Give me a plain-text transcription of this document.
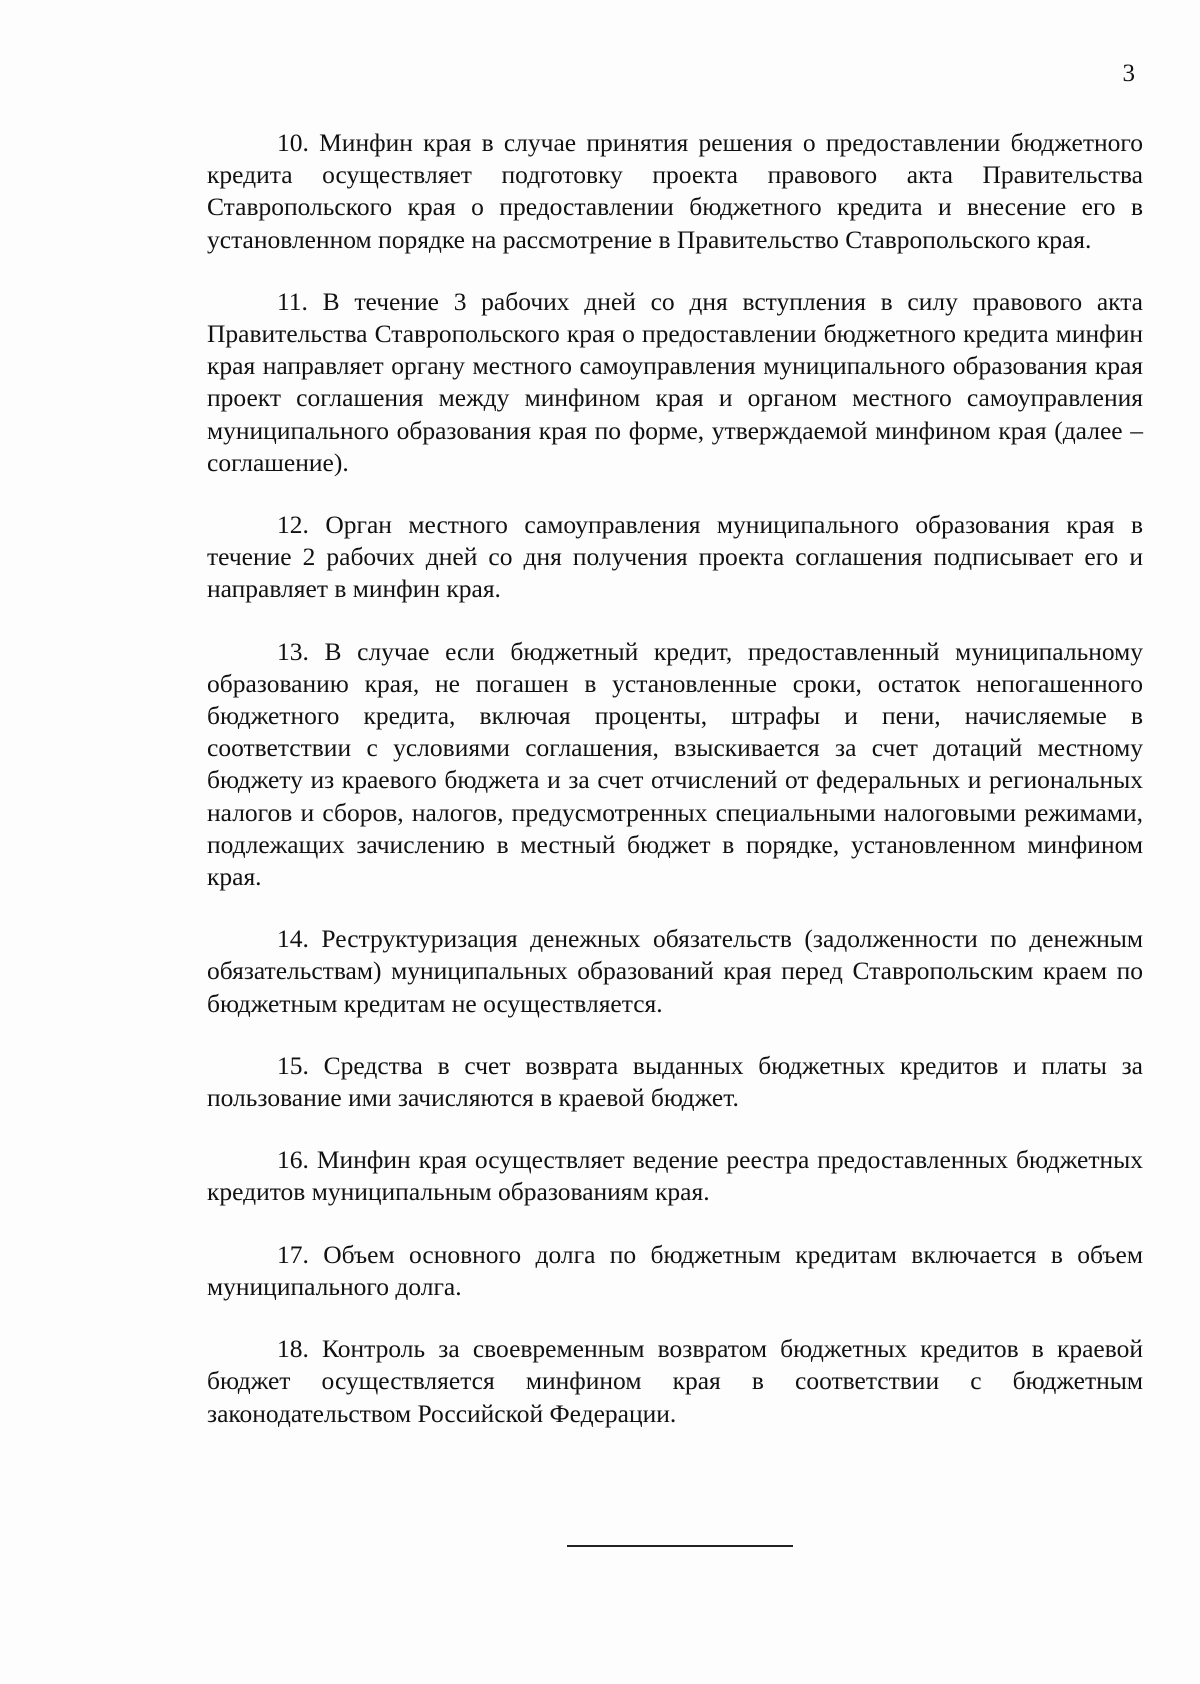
3

10. Минфин края в случае принятия решения о предоставлении бюджетного кредита осуществляет подготовку проекта правового акта Правительства Ставропольского края о предоставлении бюджетного кредита и внесение его в установленном порядке на рассмотрение в Правительство Ставропольского края.

11. В течение 3 рабочих дней со дня вступления в силу правового акта Правительства Ставропольского края о предоставлении бюджетного кредита минфин края направляет органу местного самоуправления муниципального образования края проект соглашения между минфином края и органом местного самоуправления муниципального образования края по форме, утверждаемой минфином края (далее – соглашение).

12. Орган местного самоуправления муниципального образования края в течение 2 рабочих дней со дня получения проекта соглашения подписывает его и направляет в минфин края.

13. В случае если бюджетный кредит, предоставленный муниципальному образованию края, не погашен в установленные сроки, остаток непогашенного бюджетного кредита, включая проценты, штрафы и пени, начисляемые в соответствии с условиями соглашения, взыскивается за счет дотаций местному бюджету из краевого бюджета и за счет отчислений от федеральных и региональных налогов и сборов, налогов, предусмотренных специальными налоговыми режимами, подлежащих зачислению в местный бюджет в порядке, установленном минфином края.

14. Реструктуризация денежных обязательств (задолженности по денежным обязательствам) муниципальных образований края перед Ставропольским краем по бюджетным кредитам не осуществляется.

15. Средства в счет возврата выданных бюджетных кредитов и платы за пользование ими зачисляются в краевой бюджет.

16. Минфин края осуществляет ведение реестра предоставленных бюджетных кредитов муниципальным образованиям края.

17. Объем основного долга по бюджетным кредитам включается в объем муниципального долга.

18. Контроль за своевременным возвратом бюджетных кредитов в краевой бюджет осуществляется минфином края в соответствии с бюджетным законодательством Российской Федерации.
